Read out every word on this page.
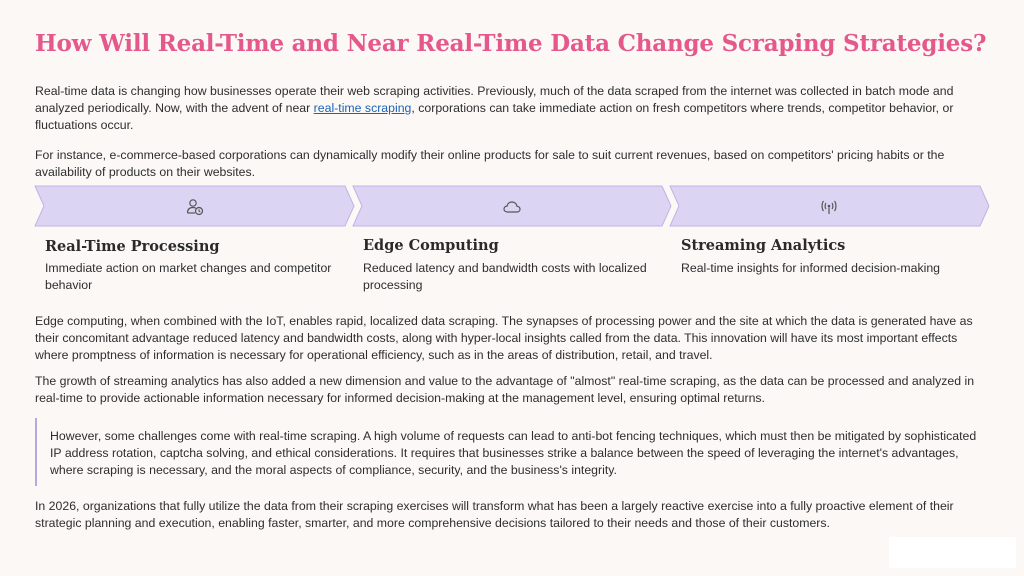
How Will Real-Time and Near Real-Time Data Change Scraping Strategies?
Real-time data is changing how businesses operate their web scraping activities. Previously, much of the data scraped from the internet was collected in batch mode and analyzed periodically. Now, with the advent of near real-time scraping, corporations can take immediate action on fresh competitors where trends, competitor behavior, or fluctuations occur.
For instance, e-commerce-based corporations can dynamically modify their online products for sale to suit current revenues, based on competitors' pricing habits or the availability of products on their websites.
Real-Time Processing
Immediate action on market changes and competitor behavior
Edge Computing
Reduced latency and bandwidth costs with localized processing
Streaming Analytics
Real-time insights for informed decision-making
Edge computing, when combined with the IoT, enables rapid, localized data scraping. The synapses of processing power and the site at which the data is generated have as their concomitant advantage reduced latency and bandwidth costs, along with hyper-local insights called from the data. This innovation will have its most important effects where promptness of information is necessary for operational efficiency, such as in the areas of distribution, retail, and travel.
The growth of streaming analytics has also added a new dimension and value to the advantage of "almost" real-time scraping, as the data can be processed and analyzed in real-time to provide actionable information necessary for informed decision-making at the management level, ensuring optimal returns.
However, some challenges come with real-time scraping. A high volume of requests can lead to anti-bot fencing techniques, which must then be mitigated by sophisticated IP address rotation, captcha solving, and ethical considerations. It requires that businesses strike a balance between the speed of leveraging the internet's advantages, where scraping is necessary, and the moral aspects of compliance, security, and the business's integrity.
In 2026, organizations that fully utilize the data from their scraping exercises will transform what has been a largely reactive exercise into a fully proactive element of their strategic planning and execution, enabling faster, smarter, and more comprehensive decisions tailored to their needs and those of their customers.
